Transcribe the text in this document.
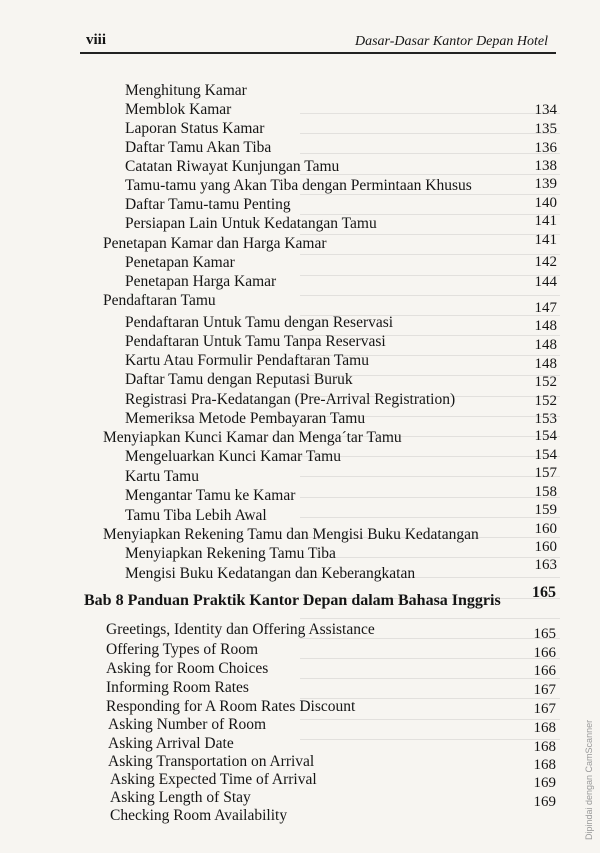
viii	Dasar-Dasar Kantor Depan Hotel
Menghitung Kamar
Memblok Kamar	134
Laporan Status Kamar	135
Daftar Tamu Akan Tiba	136
Catatan Riwayat Kunjungan Tamu	138
Tamu-tamu yang Akan Tiba dengan Permintaan Khusus	139
Daftar Tamu-tamu Penting	140
Persiapan Lain Untuk Kedatangan Tamu	141
Penetapan Kamar dan Harga Kamar	141
Penetapan Kamar	142
Penetapan Harga Kamar	144
Pendaftaran Tamu	147
Pendaftaran Untuk Tamu dengan Reservasi	148
Pendaftaran Untuk Tamu Tanpa Reservasi	148
Kartu Atau Formulir Pendaftaran Tamu	148
Daftar Tamu dengan Reputasi Buruk	152
Registrasi Pra-Kedatangan (Pre-Arrival Registration)	152
Memeriksa Metode Pembayaran Tamu	153
Menyiapkan Kunci Kamar dan Menga´tar Tamu	154
Mengeluarkan Kunci Kamar Tamu	154
Kartu Tamu	157
Mengantar Tamu ke Kamar	158
Tamu Tiba Lebih Awal	159
Menyiapkan Rekening Tamu dan Mengisi Buku Kedatangan	160
Menyiapkan Rekening Tamu Tiba	160
Mengisi Buku Kedatangan dan Keberangkatan	163
Bab 8 Panduan Praktik Kantor Depan dalam Bahasa Inggris	165
Greetings, Identity dan Offering Assistance	165
Offering Types of Room	166
Asking for Room Choices	166
Informing Room Rates	167
Responding for A Room Rates Discount	167
Asking Number of Room	168
Asking Arrival Date	168
Asking Transportation on Arrival	168
Asking Expected Time of Arrival	169
Asking Length of Stay	169
Checking Room Availability	Dipindai dengan CamScanner
